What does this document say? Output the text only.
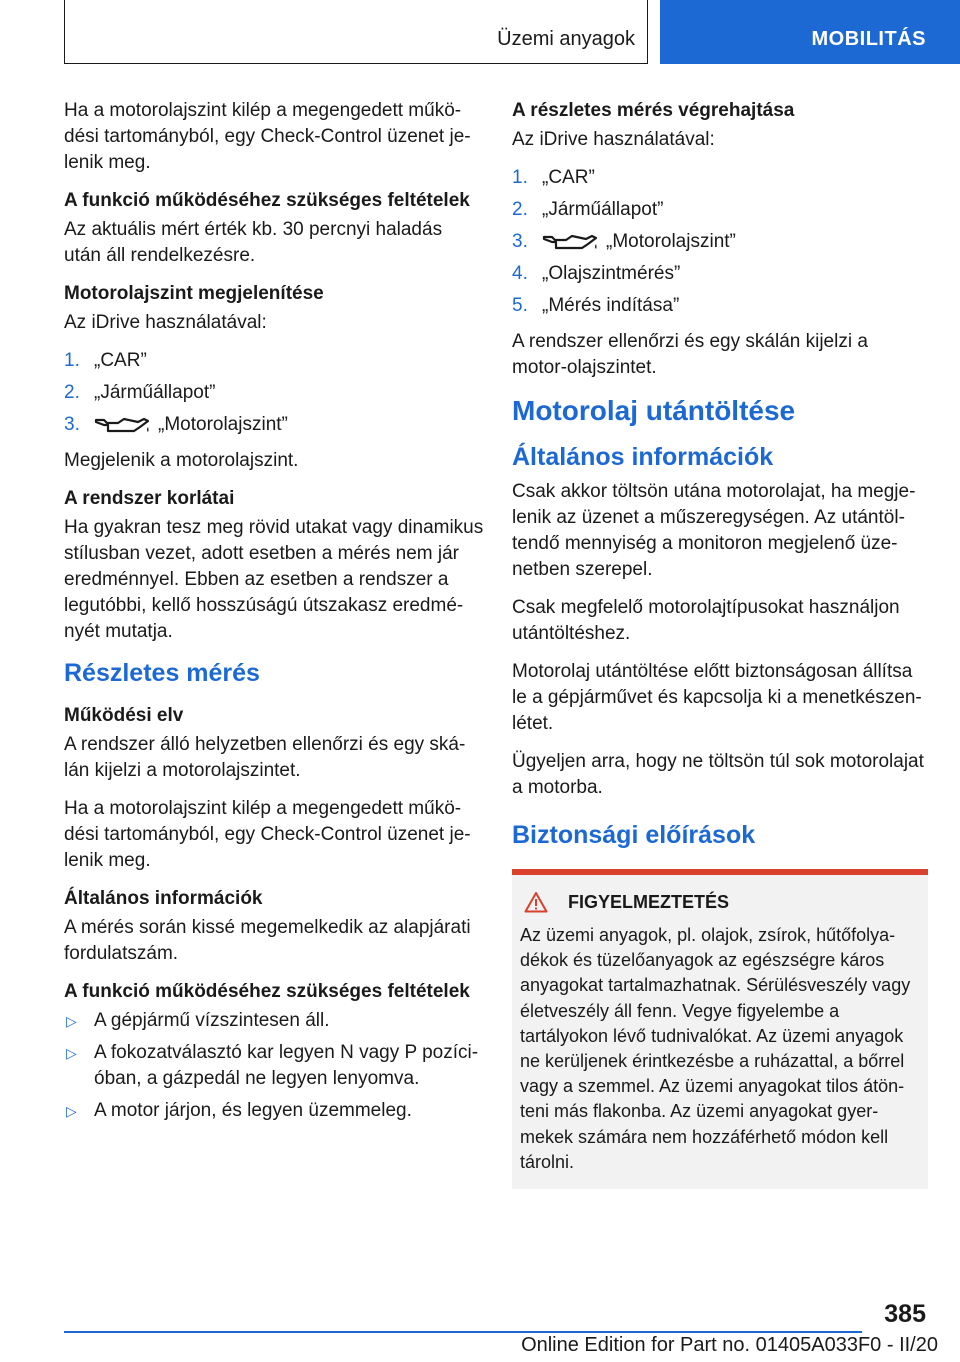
Üzemi anyagok	MOBILITÁS

Ha a motorolajszint kilép a megengedett műkö-dési tartományból, egy Check-Control üzenet je-lenik meg.

A funkció működéséhez szükséges feltételek

Az aktuális mért érték kb. 30 percnyi haladás után áll rendelkezésre.

Motorolajszint megjelenítése

Az iDrive használatával:

1. „CAR”
2. „Járműállapot”
3.	„Motorolajszint”

Megjelenik a motorolajszint.

A rendszer korlátai

Ha gyakran tesz meg rövid utakat vagy dinamikus stílusban vezet, adott esetben a mérés nem jár eredménnyel. Ebben az esetben a rendszer a legutóbbi, kellő hosszúságú útszakasz eredmé-nyét mutatja.

Részletes mérés
Működési elv

A rendszer álló helyzetben ellenőrzi és egy ská-lán kijelzi a motorolajszintet.

Ha a motorolajszint kilép a megengedett műkö-dési tartományból, egy Check-Control üzenet je-lenik meg.

Általános információk

A mérés során kissé megemelkedik az alapjárati fordulatszám.

A funkció működéséhez szükséges feltételek
▷ A gépjármű vízszintesen áll.
▷ A fokozatválasztó kar legyen N vagy P pozíci-óban, a gázpedál ne legyen lenyomva.
▷ A motor járjon, és legyen üzemmeleg.
A részletes mérés végrehajtása

Az iDrive használatával:

1. „CAR”
2. „Járműállapot”
3.	„Motorolajszint”
4. „Olajszintmérés”
5. „Mérés indítása”

A rendszer ellenőrzi és egy skálán kijelzi a motor-olajszintet.

Motorolaj utántöltése
Általános információk

Csak akkor töltsön utána motorolajat, ha megje-lenik az üzenet a műszeregységen. Az utántöl-tendő mennyiség a monitoron megjelenő üze-netben szerepel.

Csak megfelelő motorolajtípusokat használjon utántöltéshez.

Motorolaj utántöltése előtt biztonságosan állítsa le a gépjárművet és kapcsolja ki a menetkészen-létet.

Ügyeljen arra, hogy ne töltsön túl sok motorolajat a motorba.

Biztonsági előírások
FIGYELMEZTETÉS

Az üzemi anyagok, pl. olajok, zsírok, hűtőfolya-dékok és tüzelőanyagok az egészségre káros anyagokat tartalmazhatnak. Sérülésveszély vagy életveszély áll fenn. Vegye figyelembe a tartályokon lévő tudnivalókat. Az üzemi anyagok ne kerüljenek érintkezésbe a ruházattal, a bőrrel vagy a szemmel. Az üzemi anyagokat tilos átön-teni más flakonba. Az üzemi anyagokat gyer-mekek számára nem hozzáférhető módon kell tárolni.

385
Online Edition for Part no. 01405A033F0 - II/20
